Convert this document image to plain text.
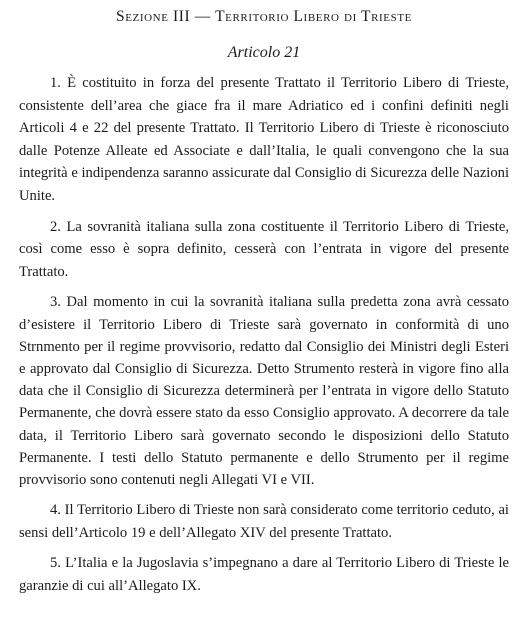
Sezione III — Territorio Libero di Trieste
Articolo 21

1. È costituito in forza del presente Trattato il Territorio Libero di Trieste, consistente dell’area che giace fra il mare Adriatico ed i confini definiti negli Articoli 4 e 22 del presente Trattato. Il Territorio Libero di Trieste è riconosciuto dalle Potenze Alleate ed Associate e dall’Italia, le quali convengono che la sua integrità e indipendenza saranno assicurate dal Consiglio di Sicurezza delle Nazioni Unite.

2. La sovranità italiana sulla zona costituente il Territorio Libero di Trieste, così come esso è sopra definito, cesserà con l’entrata in vigore del presente Trattato.

3. Dal momento in cui la sovranità italiana sulla predetta zona avrà cessato d’esistere il Territorio Libero di Trieste sarà governato in conformità di uno Strnmento per il regime provvisorio, redatto dal Consiglio dei Ministri degli Esteri e approvato dal Consiglio di Sicurezza. Detto Strumento resterà in vigore fino alla data che il Consiglio di Sicurezza determinerà per l’entrata in vigore dello Statuto Permanente, che dovrà essere stato da esso Consiglio approvato. A decorrere da tale data, il Territorio Libero sarà governato secondo le disposizioni dello Statuto Permanente. I testi dello Statuto permanente e dello Strumento per il regime provvisorio sono contenuti negli Allegati VI e VII.

4. Il Territorio Libero di Trieste non sarà considerato come territorio ceduto, ai sensi dell’Articolo 19 e dell’Allegato XIV del presente Trattato.

5. L’Italia e la Jugoslavia s’impegnano a dare al Territorio Libero di Trieste le garanzie di cui all’Allegato IX.
